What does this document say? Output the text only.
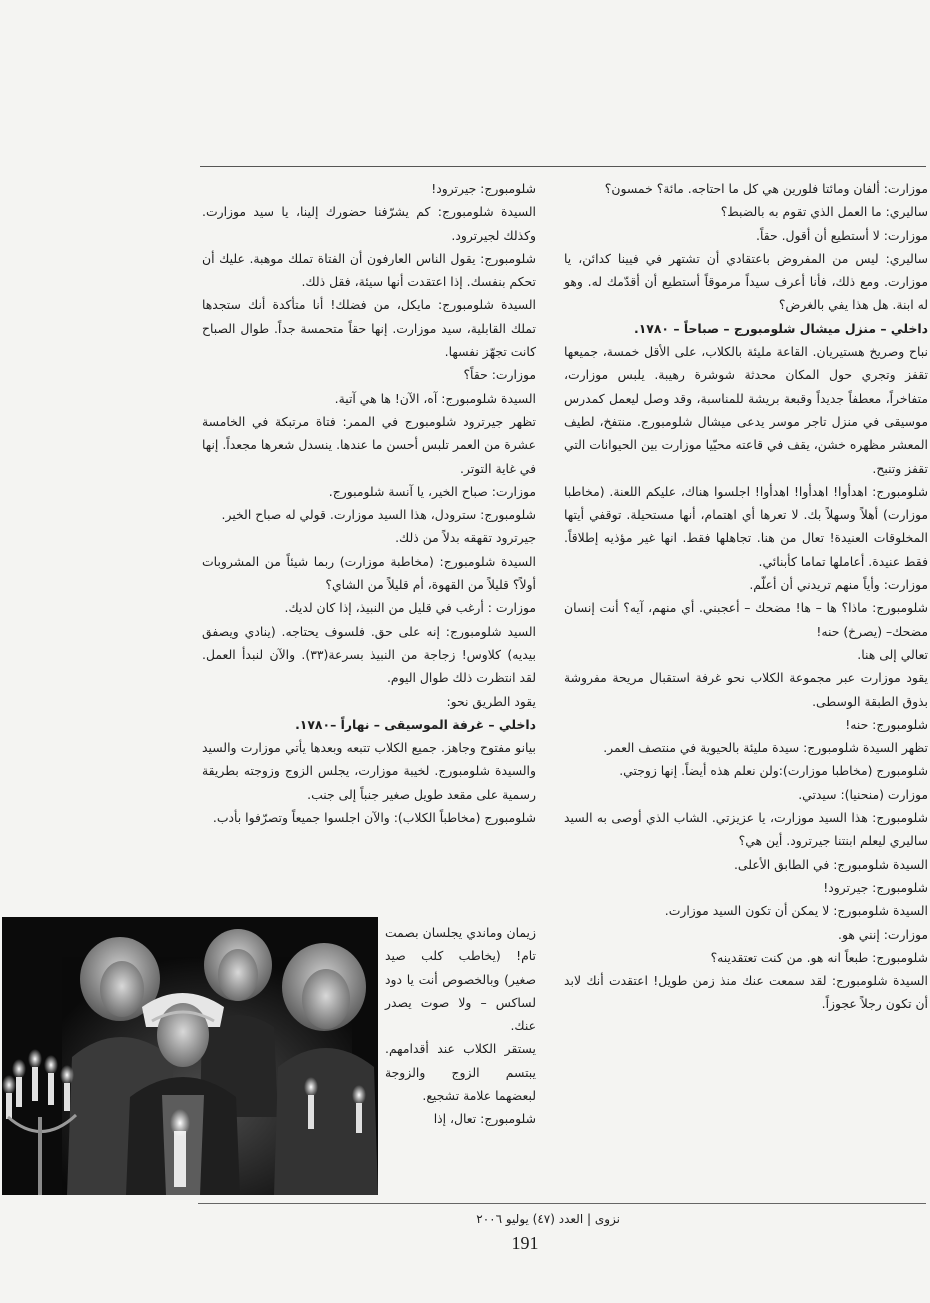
موزارت: ألفان ومائتا فلورين هي كل ما احتاجه. مائة؟ خمسون؟

ساليري: ما العمل الذي تقوم به بالضبط؟

موزارت: لا أستطيع أن أقول. حقاً.

ساليري: ليس من المفروض باعتقادي أن تشتهر في فيينا كدائن، يا موزارت. ومع ذلك، فأنا أعرف سيداً مرموقاً أستطيع أن أقدّمك له. وهو له ابنة. هل هذا يفي بالغرض؟

داخلي – منزل ميشال شلومبورج – صباحاً – ١٧٨٠.

نباح وصريخ هستيريان. القاعة مليئة بالكلاب، على الأقل خمسة، جميعها تقفز وتجري حول المكان محدثة شوشرة رهيبة. يلبس موزارت، متفاخراً، معطفاً جديداً وقبعة بريشة للمناسبة، وقد وصل ليعمل كمدرس موسيقى في منزل تاجر موسر يدعى ميشال شلومبورج. منتفخ، لطيف المعشر مظهره خشن، يقف في قاعته محيّيا موزارت بين الحيوانات التي تقفز وتنبح.

شلومبورج: اهدأوا! اهدأوا! اهدأوا! اجلسوا هناك، عليكم اللعنة. (مخاطبا موزارت) أهلاً وسهلاً بك. لا تعرها أي اهتمام، أنها مستحيلة. توقفي أيتها المخلوقات العنيدة! تعال من هنا. تجاهلها فقط. انها غير مؤذيه إطلاقاً. فقط عنيدة. أعاملها تماما كأبنائي.

موزارت: وأياً منهم تريدني أن أعلّم.

شلومبورج: ماذا؟ ها – ها! مضحك – أعجبني. أي منهم، آيه؟ أنت إنسان مضحك– (يصرخ) حنه!

تعالي إلى هنا.

يقود موزارت عبر مجموعة الكلاب نحو غرفة استقبال مريحة مفروشة بذوق الطبقة الوسطى.

شلومبورج: حنه!

تظهر السيدة شلومبورج: سيدة مليئة بالحيوية في منتصف العمر.

شلومبورج (مخاطبا موزارت):ولن نعلم هذه أيضاً. إنها زوجتي.

موزارت (منحنيا): سيدتي.

شلومبورج: هذا السيد موزارت، يا عزيزتي. الشاب الذي أوصى به السيد ساليري ليعلم ابنتنا جيرترود. أين هي؟

السيدة شلومبورج: في الطابق الأعلى.

شلومبورج: جيرترود!

السيدة شلومبورج: لا يمكن أن تكون السيد موزارت.

موزارت: إنني هو.

شلومبورج: طبعاً انه هو. من كنت تعتقدينه؟

السيدة شلومبورج: لقد سمعت عنك منذ زمن طويل! اعتقدت أنك لابد أن تكون رجلاً عجوزاً.

شلومبورج: جيرترود!

السيدة شلومبورج: كم يشرّفنا حضورك إلينا، يا سيد موزارت. وكذلك لجيرترود.

شلومبورج: يقول الناس العارفون أن الفتاة تملك موهبة. عليك أن تحكم بنفسك. إذا اعتقدت أنها سيئة، فقل ذلك.

السيدة شلومبورج: مايكل، من فضلك! أنا متأكدة أنك ستجدها تملك القابلية، سيد موزارت. إنها حقاً متحمسة جداً. طوال الصباح كانت تجهّز نفسها.

موزارت: حقاً؟

السيدة شلومبورج: آه، الآن! ها هي آتية.

تظهر جيرترود شلومبورج في الممر: فتاة مرتبكة في الخامسة عشرة من العمر تلبس أحسن ما عندها. ينسدل شعرها مجعداً. إنها في غاية التوتر.

موزارت: صباح الخير، يا آنسة شلومبورج.

شلومبورج: سترودل، هذا السيد موزارت. قولي له صباح الخير.

جيرترود تقهقه بدلاً من ذلك.

السيدة شلومبورج: (مخاطبة موزارت) ربما شيئاً من المشروبات أولاً؟ قليلاً من القهوة، أم قليلاً من الشاي؟

موزارت : أرغب في قليل من النبيذ، إذا كان لديك.

السيد شلومبورج: إنه على حق. فلسوف يحتاجه. (ينادي ويصفق بيديه) كلاوس! زجاجة من النبيذ بسرعة(٣٣). والآن لنبدأ العمل. لقد انتظرت ذلك طوال اليوم.

يقود الطريق نحو:

داخلي – غرفة الموسيقى – نهاراً –١٧٨٠.

بيانو مفتوح وجاهز. جميع الكلاب تتبعه وبعدها يأتي موزارت والسيد والسيدة شلومبورج. لخيبة موزارت، يجلس الزوج وزوجته بطريقة رسمية على مقعد طويل صغير جنباً إلى جنب.

شلومبورج (مخاطباً الكلاب): والآن اجلسوا جميعاً وتصرّفوا بأدب.

زيمان وماندي يجلسان بصمت تام! (يخاطب كلب صيد صغير) وبالخصوص أنت يا دود لساكس – ولا صوت يصدر عنك.

يستقر الكلاب عند أقدامهم. يبتسم الزوج والزوجة لبعضهما علامة تشجيع.

شلومبورج: تعال، إذا

نزوى | العدد (٤٧) يوليو ٢٠٠٦
191
